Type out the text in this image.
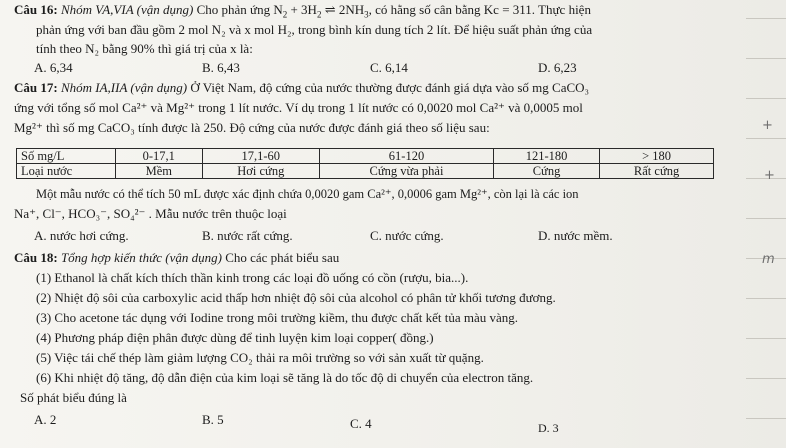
Câu 16: Nhóm VA,VIA (vận dụng) Cho phản ứng $N_2 + 3H_2$ ⇌ $2NH_3$, có hằng số cân bằng Kc = 311. Thực hiện
phản ứng với ban đầu gồm 2 mol N₂ và x mol H₂, trong bình kín dung tích 2 lít. Để hiệu suất phản ứng của
tính theo N₂ bằng 90% thì giá trị của x là:
A. 6,34	B. 6,43	C. 6,14	D. 6,23
Câu 17: Nhóm IA,IIA (vận dụng) Ở Việt Nam, độ cứng của nước thường được đánh giá dựa vào số mg CaCO₃
ứng với tổng số mol Ca²⁺ và Mg²⁺ trong 1 lít nước. Ví dụ trong 1 lít nước có 0,0020 mol Ca²⁺ và 0,0005 mol
Mg²⁺ thì số mg CaCO₃ tính được là 250. Độ cứng của nước được đánh giá theo số liệu sau:
Số mg/L	0-17,1	17,1-60	61-120	121-180	> 180
Loại nước	Mềm	Hơi cứng	Cứng vừa phải	Cứng	Rất cứng
Một mẫu nước có thể tích 50 mL được xác định chứa 0,0020 gam Ca²⁺, 0,0006 gam Mg²⁺, còn lại là các ion
Na⁺, Cl⁻, HCO₃⁻, SO₄²⁻ . Mẫu nước trên thuộc loại
A. nước hơi cứng.	B. nước rất cứng.	C. nước cứng.	D. nước mềm.
Câu 18: Tổng hợp kiến thức (vận dụng) Cho các phát biểu sau
(1) Ethanol là chất kích thích thần kinh trong các loại đồ uống có cồn (rượu, bia...).
(2) Nhiệt độ sôi của carboxylic acid thấp hơn nhiệt độ sôi của alcohol có phân tử khối tương đương.
(3) Cho acetone tác dụng với Iodine trong môi trường kiềm, thu được chất kết tủa màu vàng.
(4) Phương pháp điện phân được dùng để tinh luyện kim loại copper( đồng.)
(5) Việc tái chế thép làm giảm lượng CO₂ thải ra môi trường so với sản xuất từ quặng.
(6) Khi nhiệt độ tăng, độ dẫn điện của kim loại sẽ tăng là do tốc độ di chuyển của electron tăng.
Số phát biểu đúng là
A. 2	B. 5	C. 4	D. 3
+
+
m
